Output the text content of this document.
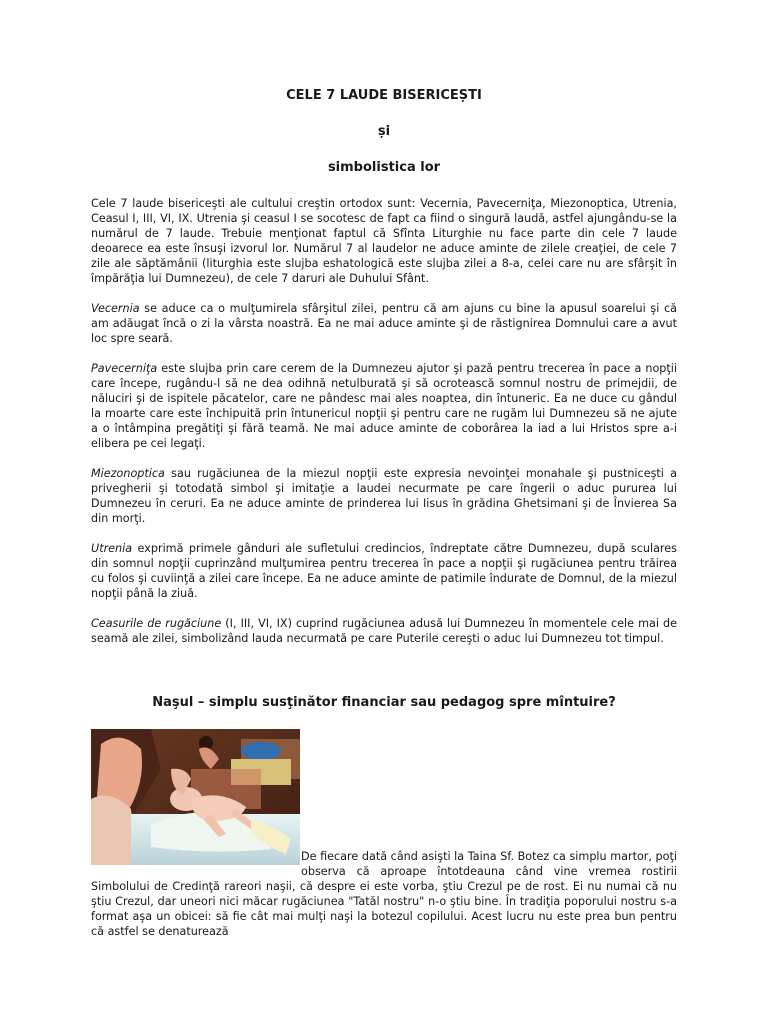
CELE 7 LAUDE BISERICEȘTI

și

simbolistica lor

Cele 7 laude bisericeşti ale cultului creştin ortodox sunt: Vecernia, Pavecerniţa, Miezonoptica, Utrenia, Ceasul I, III, VI, IX. Utrenia şi ceasul I se socotesc de fapt ca fiind o singură laudă, astfel ajungându-se la numărul de 7 laude. Trebuie menţionat faptul că Sfînta Liturghie nu face parte din cele 7 laude deoarece ea este însuşi izvorul lor. Numărul 7 al laudelor ne aduce aminte de zilele creaţiei, de cele 7 zile ale săptămânii (liturghia este slujba eshatologică este slujba zilei a 8-a, celei care nu are sfârşit în împărăţia lui Dumnezeu), de cele 7 daruri ale Duhului Sfânt.

Vecernia se aduce ca o mulţumirela sfârşitul zilei, pentru că am ajuns cu bine la apusul soarelui şi că am adăugat încă o zi la vârsta noastră. Ea ne mai aduce aminte şi de răstignirea Domnului care a avut loc spre seară.

Pavecerniţa este slujba prin care cerem de la Dumnezeu ajutor şi pază pentru trecerea în pace a nopţii care începe, rugându-l să ne dea odihnă netulburată şi să ocrotească somnul nostru de primejdii, de năluciri şi de ispitele păcatelor, care ne pândesc mai ales noaptea, din întuneric. Ea ne duce cu gândul la moarte care este închipuită prin întunericul nopţii şi pentru care ne rugăm lui Dumnezeu să ne ajute a o întâmpina pregătiţi şi fără teamă. Ne mai aduce aminte de coborârea la iad a lui Hristos spre a-i elibera pe cei legaţi.

Miezonoptica sau rugăciunea de la miezul nopţii este expresia nevoinţei monahale şi pustniceşti a privegherii şi totodată simbol şi imitaţie a laudei necurmate pe care îngerii o aduc pururea lui Dumnezeu în ceruri. Ea ne aduce aminte de prinderea lui Iisus în grădina Ghetsimani şi de Învierea Sa din morţi.

Utrenia exprimă primele gânduri ale sufletului credincios, îndreptate către Dumnezeu, după sculares din somnul nopţii cuprinzând mulţumirea pentru trecerea în pace a nopţii şi rugăciunea pentru trăirea cu folos şi cuviinţă a zilei care începe. Ea ne aduce aminte de patimile îndurate de Domnul, de la miezul nopţii până la ziuă.

Ceasurile de rugăciune (I, III, VI, IX) cuprind rugăciunea adusă lui Dumnezeu în momentele cele mai de seamă ale zilei, simbolizând lauda necurmată pe care Puterile cereşti o aduc lui Dumnezeu tot timpul.

Naşul – simplu susţinător financiar sau pedagog spre mîntuire?

De fiecare dată când asişti la Taina Sf. Botez ca simplu martor, poţi observa că aproape întotdeauna când vine vremea rostirii Simbolului de Credinţă rareori naşii, că despre ei este vorba, ştiu Crezul pe de rost. Ei nu numai că nu ştiu Crezul, dar uneori nici măcar rugăciunea "Tatăl nostru" n-o ştiu bine. În tradiţia poporului nostru s-a format aşa un obicei: să fie cât mai mulţi naşi la botezul copilului. Acest lucru nu este prea bun pentru că astfel se denaturează
